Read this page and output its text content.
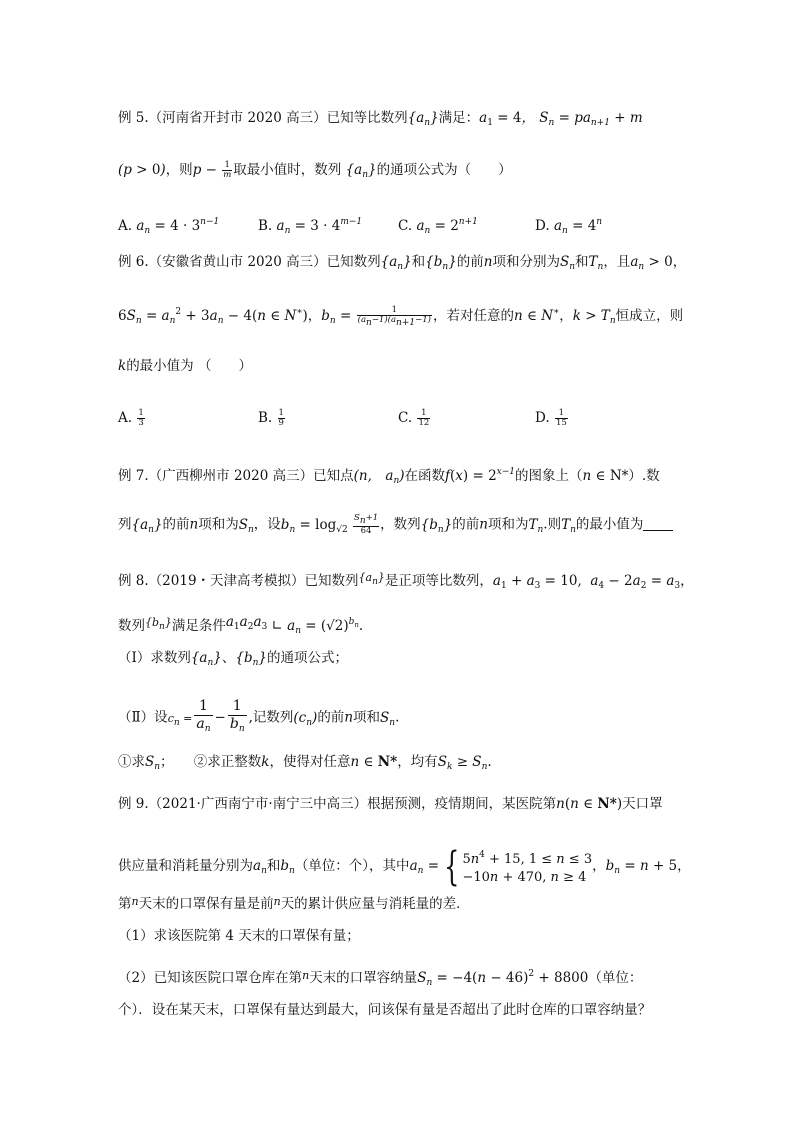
例 5.（河南省开封市 2020 高三）已知等比数列$\{a_n\}$满足：$a_1 = 4$， $S_n = pa_{n+1} + m$
(p > 0)，则$p - \frac{1}{m}$ 取最小值时，数列 $\{a_n\}$的通项公式为（　　）
A. $a_n = 4 \cdot 3^{n-1}$	B. $a_n = 3 \cdot 4^{m-1}$	C. $a_n = 2^{n+1}$	D. $a_n = 4^n$
例 6.（安徽省黄山市 2020 高三）已知数列$\{a_n\}$和$\{b_n\}$的前n项和分别为$S_n$和$T_n$，且$a_n > 0$，
$6S_n = a_n^2 + 3a_n - 4(n$ ∈ N∗)，$b_n = \frac{1}{(a_n-1)(a_{n+1}-1)}$ ，若对任意的n ∈ N∗，$k > T_n$恒成立，则
k的最小值为 （　　）
A. $\frac{1}{3}$	B. $\frac{1}{9}$	C. $\frac{1}{12}$	D. $\frac{1}{15}$
例 7.（广西柳州市 2020 高三）已知点(n,　$a_n$)在函数$f(x) = 2^{x-1}$的图象上（n ∈ N*）.数
列$\{a_n\}$的前n项和为$S_n$，设$b_n = \log_{√2} \frac{S_n+1}{64}$ ，数列$\{b_n\}$的前n项和为$T_n$.则$T_n$的最小值为
例 8.（2019・天津高考模拟）已知数列$^{\{a_n\}}$是正项等比数列，$a_1 + a_3 = 10$,  $a_4 - 2a_2 = a_3$，
数列$^{\{b_n\}}$满足条件$a_1a_2a_3$ ∟ $a_n = (√2)^{b_n}$.
（Ⅰ）求数列$\{a_n\}$、$\{b_n\}$的通项公式；
（Ⅱ）设$c_n = \frac{1}{a_n} - \frac{1}{b_n}$ ,记数列$(c_n)$的前n项和$S_n$.
①求$S_n$；　　②求正整数k，使得对任意n ∈ N*，均有$S_k \ge S_n$.
例 9.（2021·广西南宁市·南宁三中高三）根据预测，疫情期间，某医院第n(n ∈ N*)天口罩
供应量和消耗量分别为$a_n$和$b_n$（单位：个），其中$a_n$ = { $5n^4 + 15$, 1 ≤ n ≤ 3
−10n + 470, n ≥ 4
，$b_n = n + 5$，
第$^n$天末的口罩保有量是前$^n$天的累计供应量与消耗量的差．
（1）求该医院第 4 天末的口罩保有量；
（2）已知该医院口罩仓库在第$^n$天末的口罩容纳量$S_n = -4(n - 46)^2 + 8800$（单位：
个）．设在某天末，口罩保有量达到最大，问该保有量是否超出了此时仓库的口罩容纳量？
